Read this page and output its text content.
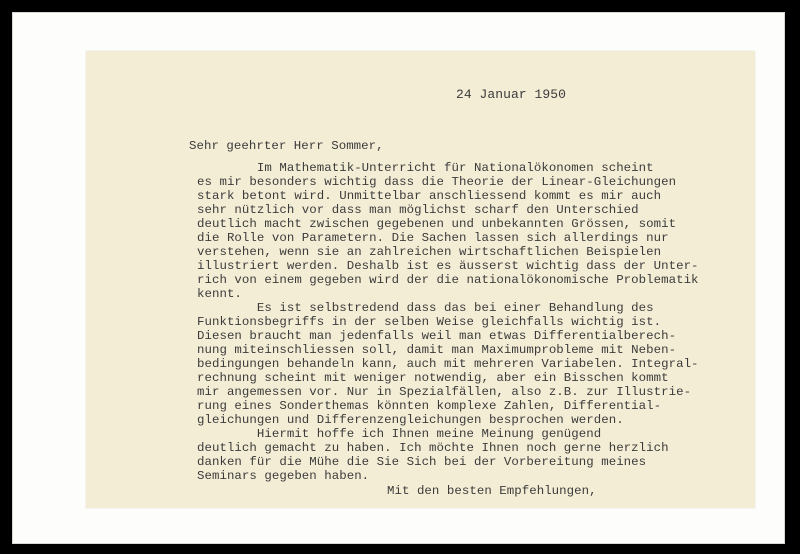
24 Januar 1950
Sehr geehrter Herr Sommer,
Im Mathematik-Unterricht für Nationalökonomen scheint
es mir besonders wichtig dass die Theorie der Linear-Gleichungen
stark betont wird. Unmittelbar anschliessend kommt es mir auch
sehr nützlich vor dass man möglichst scharf den Unterschied
deutlich macht zwischen gegebenen und unbekannten Grössen, somit
die Rolle von Parametern. Die Sachen lassen sich allerdings nur
verstehen, wenn sie an zahlreichen wirtschaftlichen Beispielen
illustriert werden. Deshalb ist es äusserst wichtig dass der Unter-
rich von einem gegeben wird der die nationalökonomische Problematik
kennt.
Es ist selbstredend dass das bei einer Behandlung des
Funktionsbegriffs in der selben Weise gleichfalls wichtig ist.
Diesen braucht man jedenfalls weil man etwas Differentialberech-
nung miteinschliessen soll, damit man Maximumprobleme mit Neben-
bedingungen behandeln kann, auch mit mehreren Variabelen. Integral-
rechnung scheint mit weniger notwendig, aber ein Bisschen kommt
mir angemessen vor. Nur in Spezialfällen, also z.B. zur Illustrie-
rung eines Sonderthemas könnten komplexe Zahlen, Differential-
gleichungen und Differenzengleichungen besprochen werden.
Hiermit hoffe ich Ihnen meine Meinung genügend
deutlich gemacht zu haben. Ich möchte Ihnen noch gerne herzlich
danken für die Mühe die Sie Sich bei der Vorbereitung meines
Seminars gegeben haben.
Mit den besten Empfehlungen,
